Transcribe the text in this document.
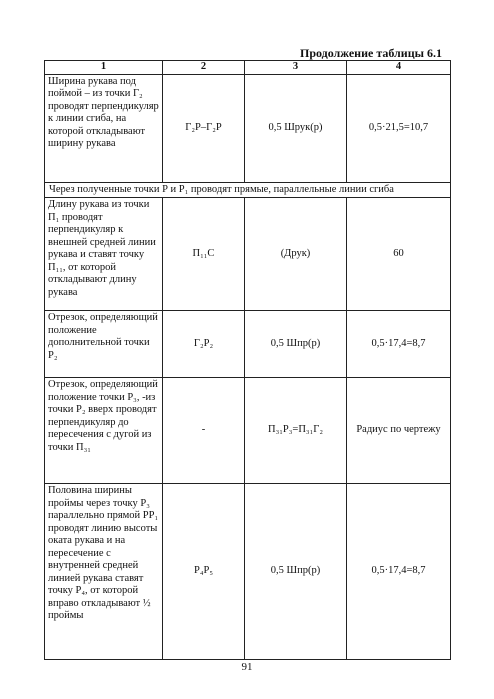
Продолжение таблицы 6.1
1	2	3	4
Ширина рукава под поймой – из точки Г₂ проводят перпендикуляр к линии сгиба, на которой откладывают ширину рукава	Г₂Р–Г₂Р	0,5 Шрук(р)	0,5·21,5=10,7
Через полученные точки Р и Р₁ проводят прямые, параллельные линии сгиба			
Длину рукава из точки П₁ проводят перпендикуляр к внешней средней линии рукава и ставят точку П₁₁, от которой откладывают длину рукава	П₁₁С	(Друк)	60
Отрезок, определяющий положение дополнительной точки Р₂	Г₂Р₂	0,5 Шпр(р)	0,5·17,4=8,7
Отрезок, определяющий положение точки Р₃, -из точки Р₂ вверх проводят перпендикуляр до пересечения с дугой из точки П₃₁	-	П₃₁Р₃=П₃₁Г₂	Радиус по чертежу
Половина ширины проймы через точку Р₃ параллельно прямой РР₁ проводят линию высоты оката рукава и на пересечение с внутренней средней линией рукава ставят точку Р₄, от которой вправо откладывают ½ проймы	Р₄Р₅	0,5 Шпр(р)	0,5·17,4=8,7
91
